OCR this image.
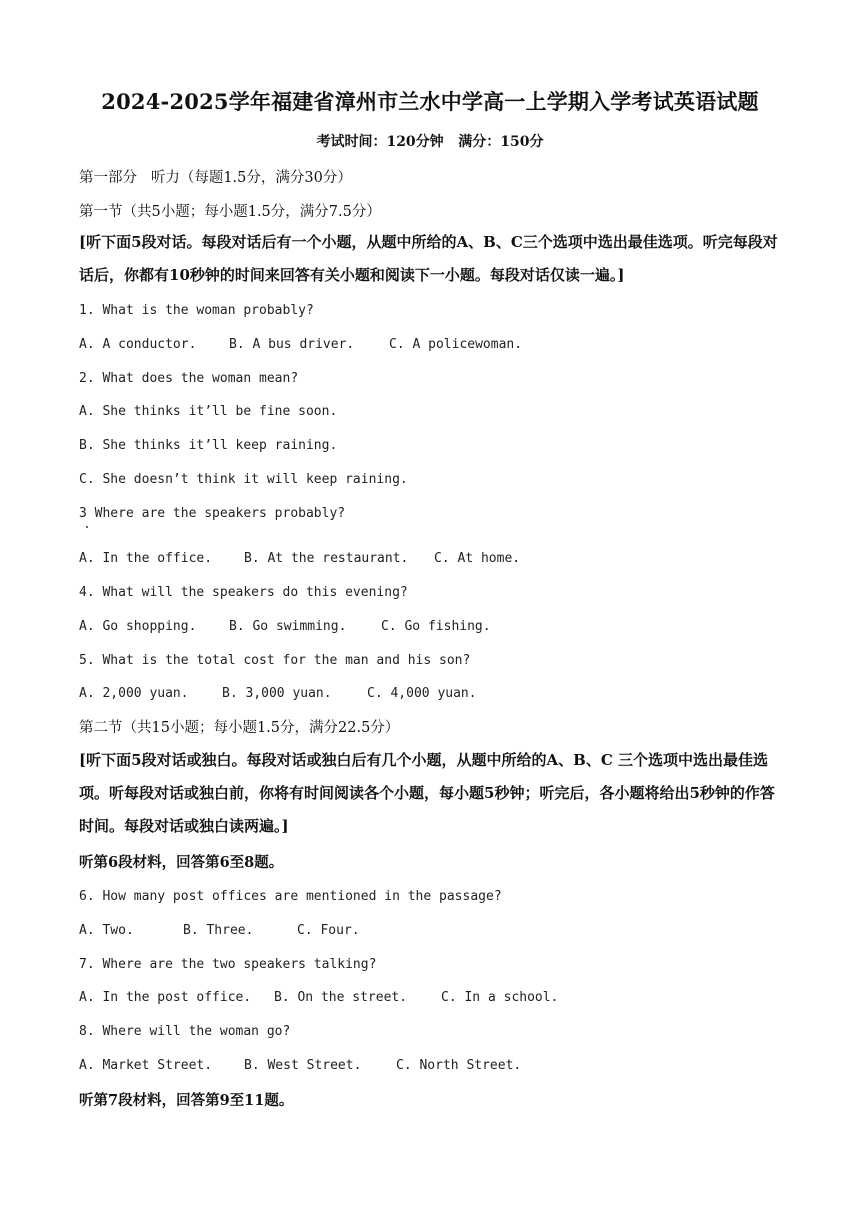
2024-2025学年福建省漳州市兰水中学高一上学期入学考试英语试题
考试时间：120分钟   满分：150分
第一部分   听力（每题1.5分，满分30分）
第一节（共5小题；每小题1.5分，满分7.5分）
[听下面5段对话。每段对话后有一个小题，从题中所给的A、B、C三个选项中选出最佳选项。听完每段对话后，你都有10秒钟的时间来回答有关小题和阅读下一小题。每段对话仅读一遍。]
1. What is the woman probably?
A. A conductor.	B. A bus driver.	C. A policewoman.
2. What does the woman mean?
A. She thinks it’ll be fine soon.
B. She thinks it’ll keep raining.
C. She doesn’t think it will keep raining.
3 Where are the speakers probably?
A. In the office. B. At the restaurant. C. At home.
4. What will the speakers do this evening?
A. Go shopping.	B. Go swimming.	C. Go fishing.
5. What is the total cost for the man and his son?
A. 2,000 yuan.	B. 3,000 yuan.	C. 4,000 yuan.
第二节（共15小题；每小题1.5分，满分22.5分）
[听下面5段对话或独白。每段对话或独白后有几个小题，从题中所给的A、B、C 三个选项中选出最佳选项。听每段对话或独白前，你将有时间阅读各个小题，每小题5秒钟；听完后，各小题将给出5秒钟的作答时间。每段对话或独白读两遍。]
听第6段材料，回答第6至8题。
6. How many post offices are mentioned in the passage?
A. Two.	B. Three.	C. Four.
7. Where are the two speakers talking?
A. In the post office. B. On the street.	C. In a school.
8. Where will the woman go?
A. Market Street. B. West Street.	C. North Street.
听第7段材料，回答第9至11题。
